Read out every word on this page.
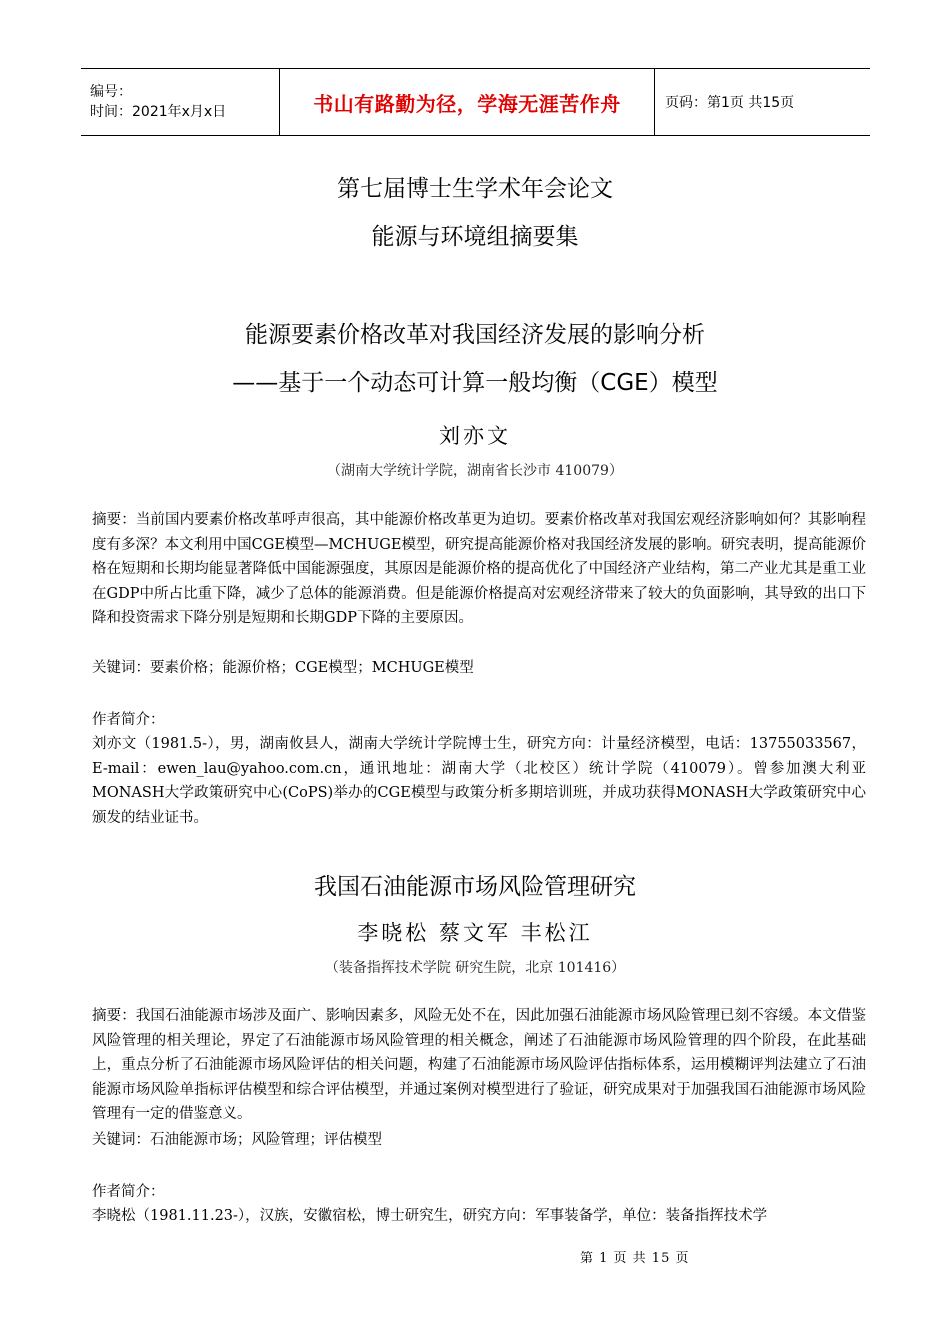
编号：
时间：2021年x月x日	书山有路勤为径，学海无涯苦作舟	页码：第1页 共15页
第七届博士生学术年会论文
能源与环境组摘要集
能源要素价格改革对我国经济发展的影响分析
——基于一个动态可计算一般均衡（CGE）模型
刘亦文
（湖南大学统计学院，湖南省长沙市 410079）
摘要：当前国内要素价格改革呼声很高，其中能源价格改革更为迫切。要素价格改革对我国宏观经济影响如何？其影响程度有多深？本文利用中国CGE模型—MCHUGE模型，研究提高能源价格对我国经济发展的影响。研究表明，提高能源价格在短期和长期均能显著降低中国能源强度，其原因是能源价格的提高优化了中国经济产业结构，第二产业尤其是重工业在GDP中所占比重下降，减少了总体的能源消费。但是能源价格提高对宏观经济带来了较大的负面影响，其导致的出口下降和投资需求下降分别是短期和长期GDP下降的主要原因。
关键词：要素价格；能源价格；CGE模型；MCHUGE模型
作者简介：
刘亦文（1981.5-），男，湖南攸县人，湖南大学统计学院博士生，研究方向：计量经济模型，电话：13755033567，E-mail：ewen_lau@yahoo.com.cn，通讯地址：湖南大学（北校区）统计学院（410079）。曾参加澳大利亚MONASH大学政策研究中心(CoPS)举办的CGE模型与政策分析多期培训班，并成功获得MONASH大学政策研究中心颁发的结业证书。
我国石油能源市场风险管理研究
李晓松 蔡文军 丰松江
（装备指挥技术学院 研究生院，北京 101416）
摘要：我国石油能源市场涉及面广、影响因素多，风险无处不在，因此加强石油能源市场风险管理已刻不容缓。本文借鉴风险管理的相关理论，界定了石油能源市场风险管理的相关概念，阐述了石油能源市场风险管理的四个阶段，在此基础上，重点分析了石油能源市场风险评估的相关问题，构建了石油能源市场风险评估指标体系，运用模糊评判法建立了石油能源市场风险单指标评估模型和综合评估模型，并通过案例对模型进行了验证，研究成果对于加强我国石油能源市场风险管理有一定的借鉴意义。
关键词：石油能源市场；风险管理；评估模型
作者简介：
李晓松（1981.11.23-），汉族，安徽宿松，博士研究生，研究方向：军事装备学，单位：装备指挥技术学
第 1 页 共 15 页
